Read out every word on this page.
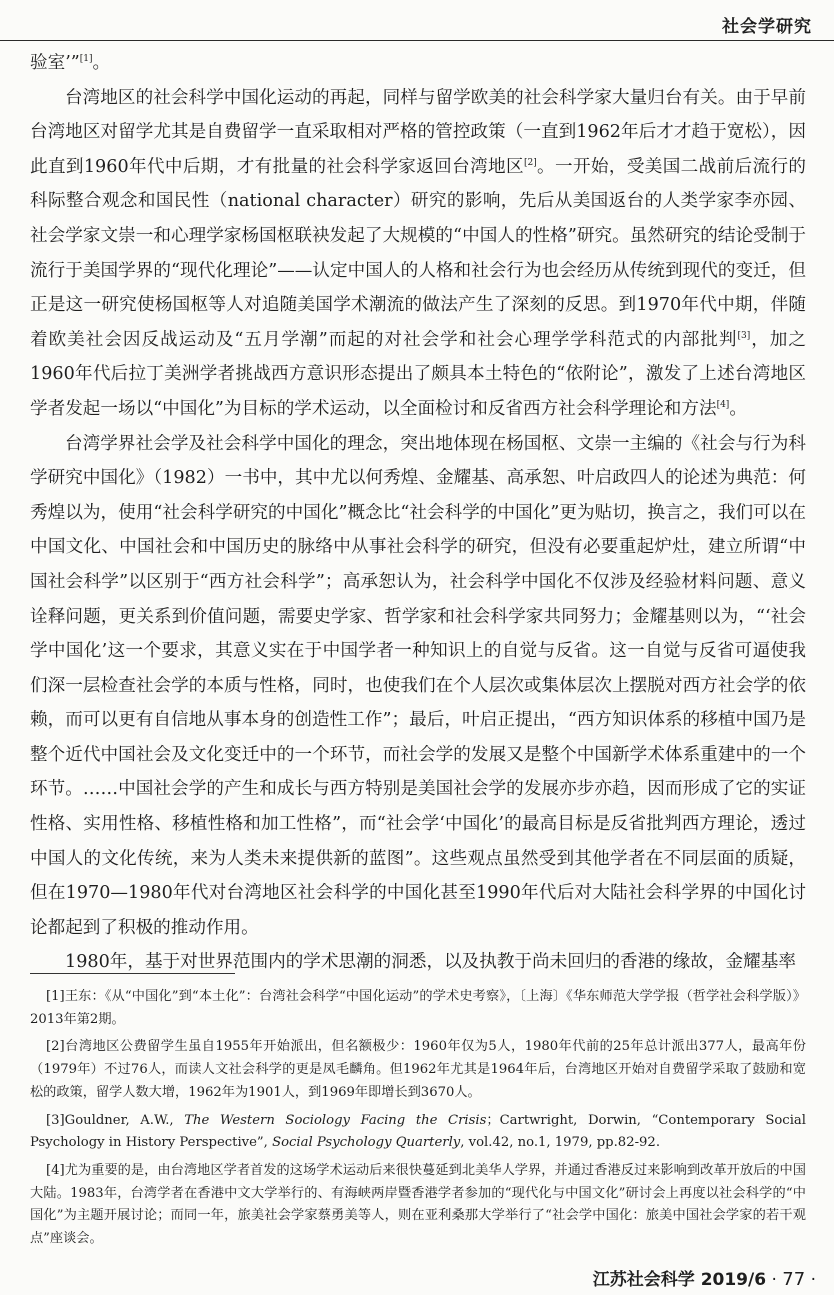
社会学研究

验室’”[1]。

台湾地区的社会科学中国化运动的再起，同样与留学欧美的社会科学家大量归台有关。由于早前台湾地区对留学尤其是自费留学一直采取相对严格的管控政策（一直到1962年后才才趋于宽松），因此直到1960年代中后期，才有批量的社会科学家返回台湾地区[2]。一开始，受美国二战前后流行的科际整合观念和国民性（national character）研究的影响，先后从美国返台的人类学家李亦园、社会学家文崇一和心理学家杨国枢联袂发起了大规模的“中国人的性格”研究。虽然研究的结论受制于流行于美国学界的“现代化理论”——认定中国人的人格和社会行为也会经历从传统到现代的变迁，但正是这一研究使杨国枢等人对追随美国学术潮流的做法产生了深刻的反思。到1970年代中期，伴随着欧美社会因反战运动及“五月学潮”而起的对社会学和社会心理学学科范式的内部批判[3]，加之1960年代后拉丁美洲学者挑战西方意识形态提出了颇具本土特色的“依附论”，激发了上述台湾地区学者发起一场以“中国化”为目标的学术运动，以全面检讨和反省西方社会科学理论和方法[4]。

台湾学界社会学及社会科学中国化的理念，突出地体现在杨国枢、文崇一主编的《社会与行为科学研究中国化》（1982）一书中，其中尤以何秀煌、金耀基、高承恕、叶启政四人的论述为典范：何秀煌以为，使用“社会科学研究的中国化”概念比“社会科学的中国化”更为贴切，换言之，我们可以在中国文化、中国社会和中国历史的脉络中从事社会科学的研究，但没有必要重起炉灶，建立所谓“中国社会科学”以区别于“西方社会科学”；高承恕认为，社会科学中国化不仅涉及经验材料问题、意义诠释问题，更关系到价值问题，需要史学家、哲学家和社会科学家共同努力；金耀基则以为，“‘社会学中国化’这一个要求，其意义实在于中国学者一种知识上的自觉与反省。这一自觉与反省可逼使我们深一层检查社会学的本质与性格，同时，也使我们在个人层次或集体层次上摆脱对西方社会学的依赖，而可以更有自信地从事本身的创造性工作”；最后，叶启正提出，“西方知识体系的移植中国乃是整个近代中国社会及文化变迁中的一个环节，而社会学的发展又是整个中国新学术体系重建中的一个环节。……中国社会学的产生和成长与西方特别是美国社会学的发展亦步亦趋，因而形成了它的实证性格、实用性格、移植性格和加工性格”，而“社会学‘中国化’的最高目标是反省批判西方理论，透过中国人的文化传统，来为人类未来提供新的蓝图”。这些观点虽然受到其他学者在不同层面的质疑，但在1970—1980年代对台湾地区社会科学的中国化甚至1990年代后对大陆社会科学界的中国化讨论都起到了积极的推动作用。

1980年，基于对世界范围内的学术思潮的洞悉，以及执教于尚未回归的香港的缘故，金耀基率

[1]王东：《从“中国化”到“本土化”：台湾社会科学“中国化运动”的学术史考察》，〔上海〕《华东师范大学学报（哲学社会科学版）》2013年第2期。

[2]台湾地区公费留学生虽自1955年开始派出，但名额极少：1960年仅为5人，1980年代前的25年总计派出377人，最高年份（1979年）不过76人，而读人文社会科学的更是凤毛麟角。但1962年尤其是1964年后，台湾地区开始对自费留学采取了鼓励和宽松的政策，留学人数大增，1962年为1901人，到1969年即增长到3670人。

[3]Gouldner, A.W., The Western Sociology Facing the Crisis；Cartwright, Dorwin, “Contemporary Social Psychology in History Perspective”, Social Psychology Quarterly, vol.42, no.1, 1979, pp.82-92.

[4]尤为重要的是，由台湾地区学者首发的这场学术运动后来很快蔓延到北美华人学界，并通过香港反过来影响到改革开放后的中国大陆。1983年，台湾学者在香港中文大学举行的、有海峡两岸暨香港学者参加的“现代化与中国文化”研讨会上再度以社会科学的“中国化”为主题开展讨论；而同一年，旅美社会学家蔡勇美等人，则在亚利桑那大学举行了“社会学中国化：旅美中国社会学家的若干观点”座谈会。

江苏社会科学 2019/6 · 77 ·
